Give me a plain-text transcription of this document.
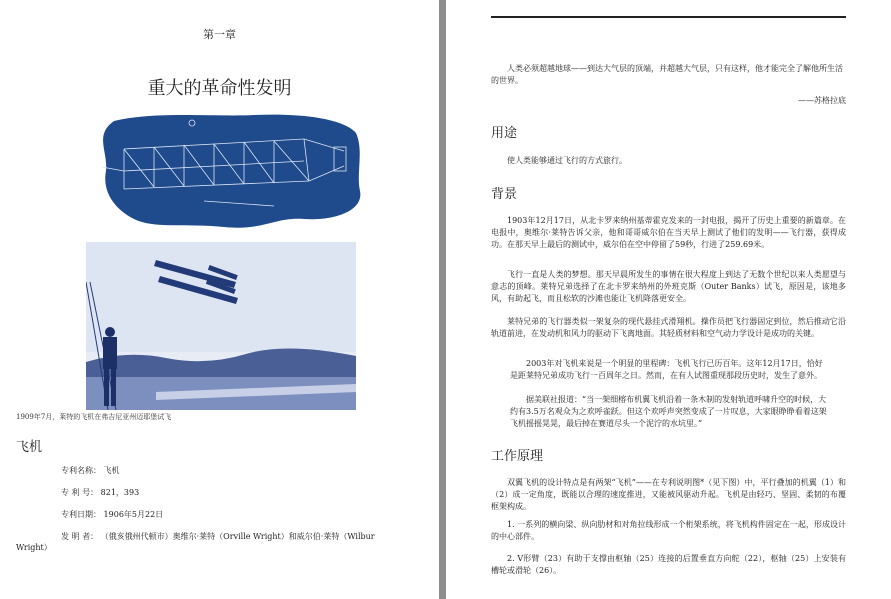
第一章
重大的革命性发明
1909年7月，莱特的飞机在弗吉尼亚州迈耶堡试飞
飞机
专利名称： 飞机
专 利 号： 821，393
专利日期： 1906年5月22日
发 明 者： （俄亥俄州代顿市）奥维尔·莱特（Orville Wright）和威尔伯·莱特（Wilbur Wright）
人类必须超越地球——到达大气层的顶端，并超越大气层，只有这样，他才能完全了解他所生活的世界。
——苏格拉底
用途
使人类能够通过飞行的方式旅行。
背景
1903年12月17日，从北卡罗来纳州基蒂霍克发来的一封电报，揭开了历史上重要的新篇章。在电报中，奥维尔·莱特告诉父亲，他和哥哥威尔伯在当天早上测试了他们的发明——飞行器，获得成功。在那天早上最后的测试中，威尔伯在空中停留了59秒，行进了259.69米。
飞行一直是人类的梦想。那天早晨所发生的事情在很大程度上到达了无数个世纪以来人类愿望与意志的顶峰。莱特兄弟选择了在北卡罗来纳州的外班克斯（Outer Banks）试飞，原因是，该地多风，有助起飞，而且松软的沙滩也能让飞机降落更安全。
莱特兄弟的飞行器类似一架复杂的现代悬挂式滑翔机。操作员把飞行器固定到位，然后推动它沿轨道前进，在发动机和风力的驱动下飞离地面。其轻质材料和空气动力学设计是成功的关键。
2003年对飞机来说是一个明显的里程碑：飞机飞行已历百年。这年12月17日，恰好是距莱特兄弟成功飞行一百周年之日。然而，在有人试图重现那段历史时，发生了意外。
据美联社报道：“当一架细榕布机翼飞机沿着一条木制的发射轨道呼啸升空的时候，大约有3.5万名观众为之欢呼雀跃。但这个欢呼声突然变成了一片叹息，大家眼睁睁看着这架飞机摇摇晃晃，最后掉在赛道尽头一个泥泞的水坑里。”
工作原理
双翼飞机的设计特点是有两架“飞机”——在专利说明图*（见下图）中，平行叠加的机翼（1）和（2）成一定角度，既能以合理的速度推进，又能被风驱动升起。飞机是由轻巧、坚固、柔韧的布覆框架构成。
1. 一系列的横向梁、纵向肋材和对角拉线形成一个桁架系统，将飞机构件固定在一起，形成设计的中心部件。
2. V形臂（23）有助于支撑由枢轴（25）连接的后置垂直方向舵（22），枢轴（25）上安装有槽轮或滑轮（26）。
